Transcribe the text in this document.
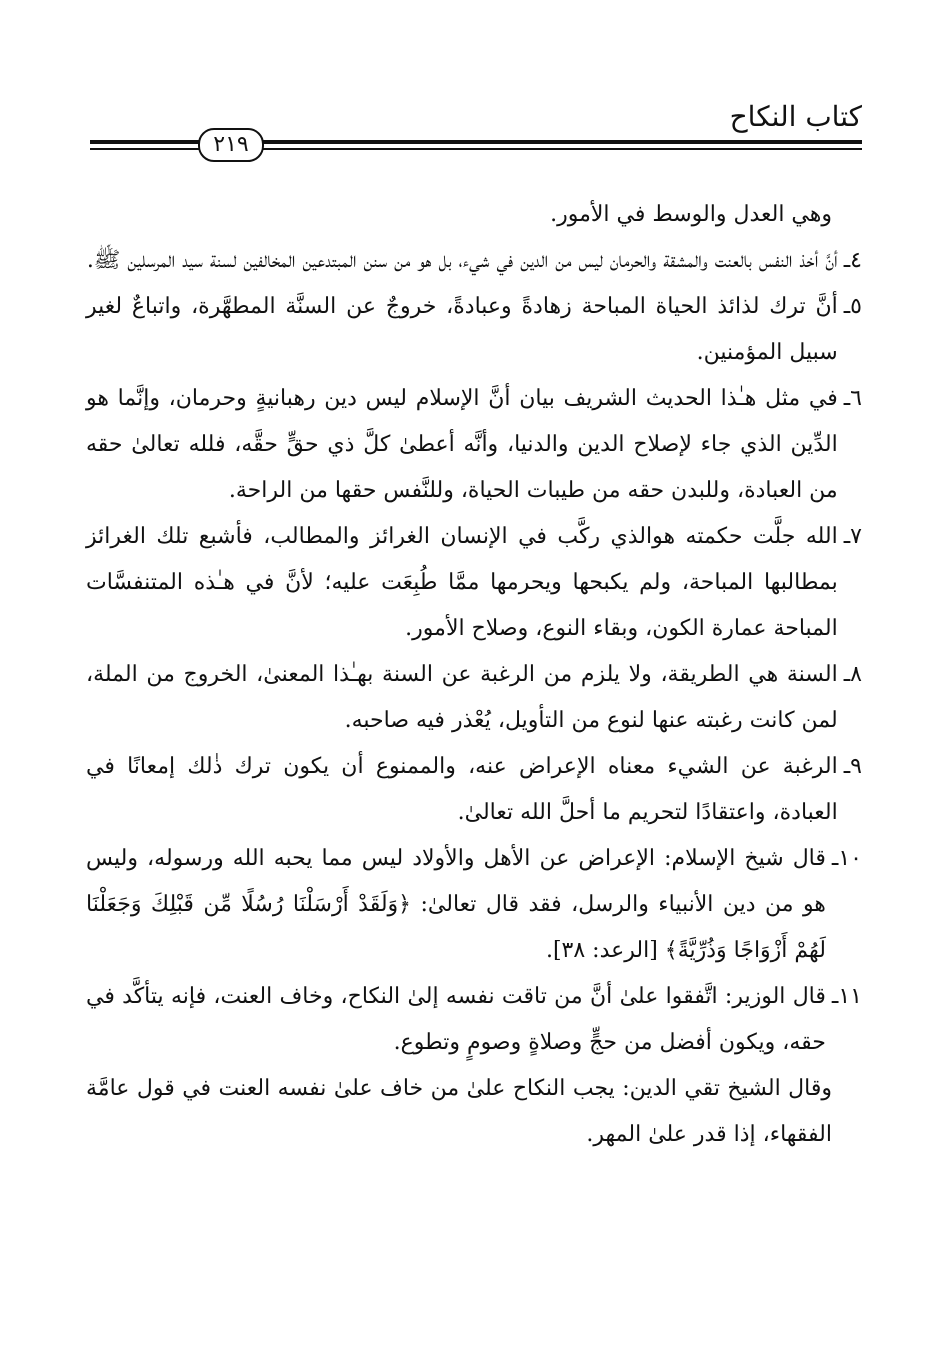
كتاب النكاح
٢١٩

وهي العدل والوسط في الأمور.

٤ـ
أنَّ أخذ النفس بالعنت والمشقة والحرمان ليس من الدين في شيء، بل هو من سنن المبتدعين المخالفين لسنة سيد المرسلين ﷺ.
٥ـ
أنَّ ترك لذائذ الحياة المباحة زهادةً وعبادةً، خروجٌ عن السنَّة المطهَّرة، واتباعٌ لغير سبيل المؤمنين.
٦ـ
في مثل هـٰذا الحديث الشريف بيان أنَّ الإسلام ليس دين رهبانيةٍ وحرمان، وإنَّما هو الدِّين الذي جاء لإصلاح الدين والدنيا، وأنَّه أعطىٰ كلَّ ذي حقٍّ حقَّه، فلله تعالىٰ حقه من العبادة، وللبدن حقه من طيبات الحياة، وللنَّفس حقها من الراحة.
٧ـ
الله جلَّت حكمته هوالذي ركَّب في الإنسان الغرائز والمطالب، فأشبع تلك الغرائز بمطالبها المباحة، ولم يكبحها ويحرمها ممَّا طُبِعَت عليه؛ لأنَّ في هـٰذه المتنفسَّات المباحة عمارة الكون، وبقاء النوع، وصلاح الأمور.
٨ـ
السنة هي الطريقة، ولا يلزم من الرغبة عن السنة بهـٰذا المعنىٰ، الخروج من الملة، لمن كانت رغبته عنها لنوع من التأويل، يُعْذر فيه صاحبه.
٩ـ
الرغبة عن الشيء معناه الإعراض عنه، والممنوع أن يكون ترك ذٰلك إمعانًا في العبادة، واعتقادًا لتحريم ما أحلَّ الله تعالىٰ.
١٠ـ
قال شيخ الإسلام: الإعراض عن الأهل والأولاد ليس مما يحبه الله ورسوله، وليس هو من دين الأنبياء والرسل، فقد قال تعالىٰ: ﴿وَلَقَدْ أَرْسَلْنَا رُسُلًا مِّن قَبْلِكَ وَجَعَلْنَا لَهُمْ أَزْوَاجًا وَذُرِّيَّةً﴾ [الرعد: ٣٨].
١١ـ
قال الوزير: اتَّفقوا علىٰ أنَّ من تاقت نفسه إلىٰ النكاح، وخاف العنت، فإنه يتأكَّد في حقه، ويكون أفضل من حجٍّ وصلاةٍ وصومٍ وتطوع.

وقال الشيخ تقي الدين: يجب النكاح علىٰ من خاف علىٰ نفسه العنت في قول عامَّة الفقهاء، إذا قدر علىٰ المهر.
